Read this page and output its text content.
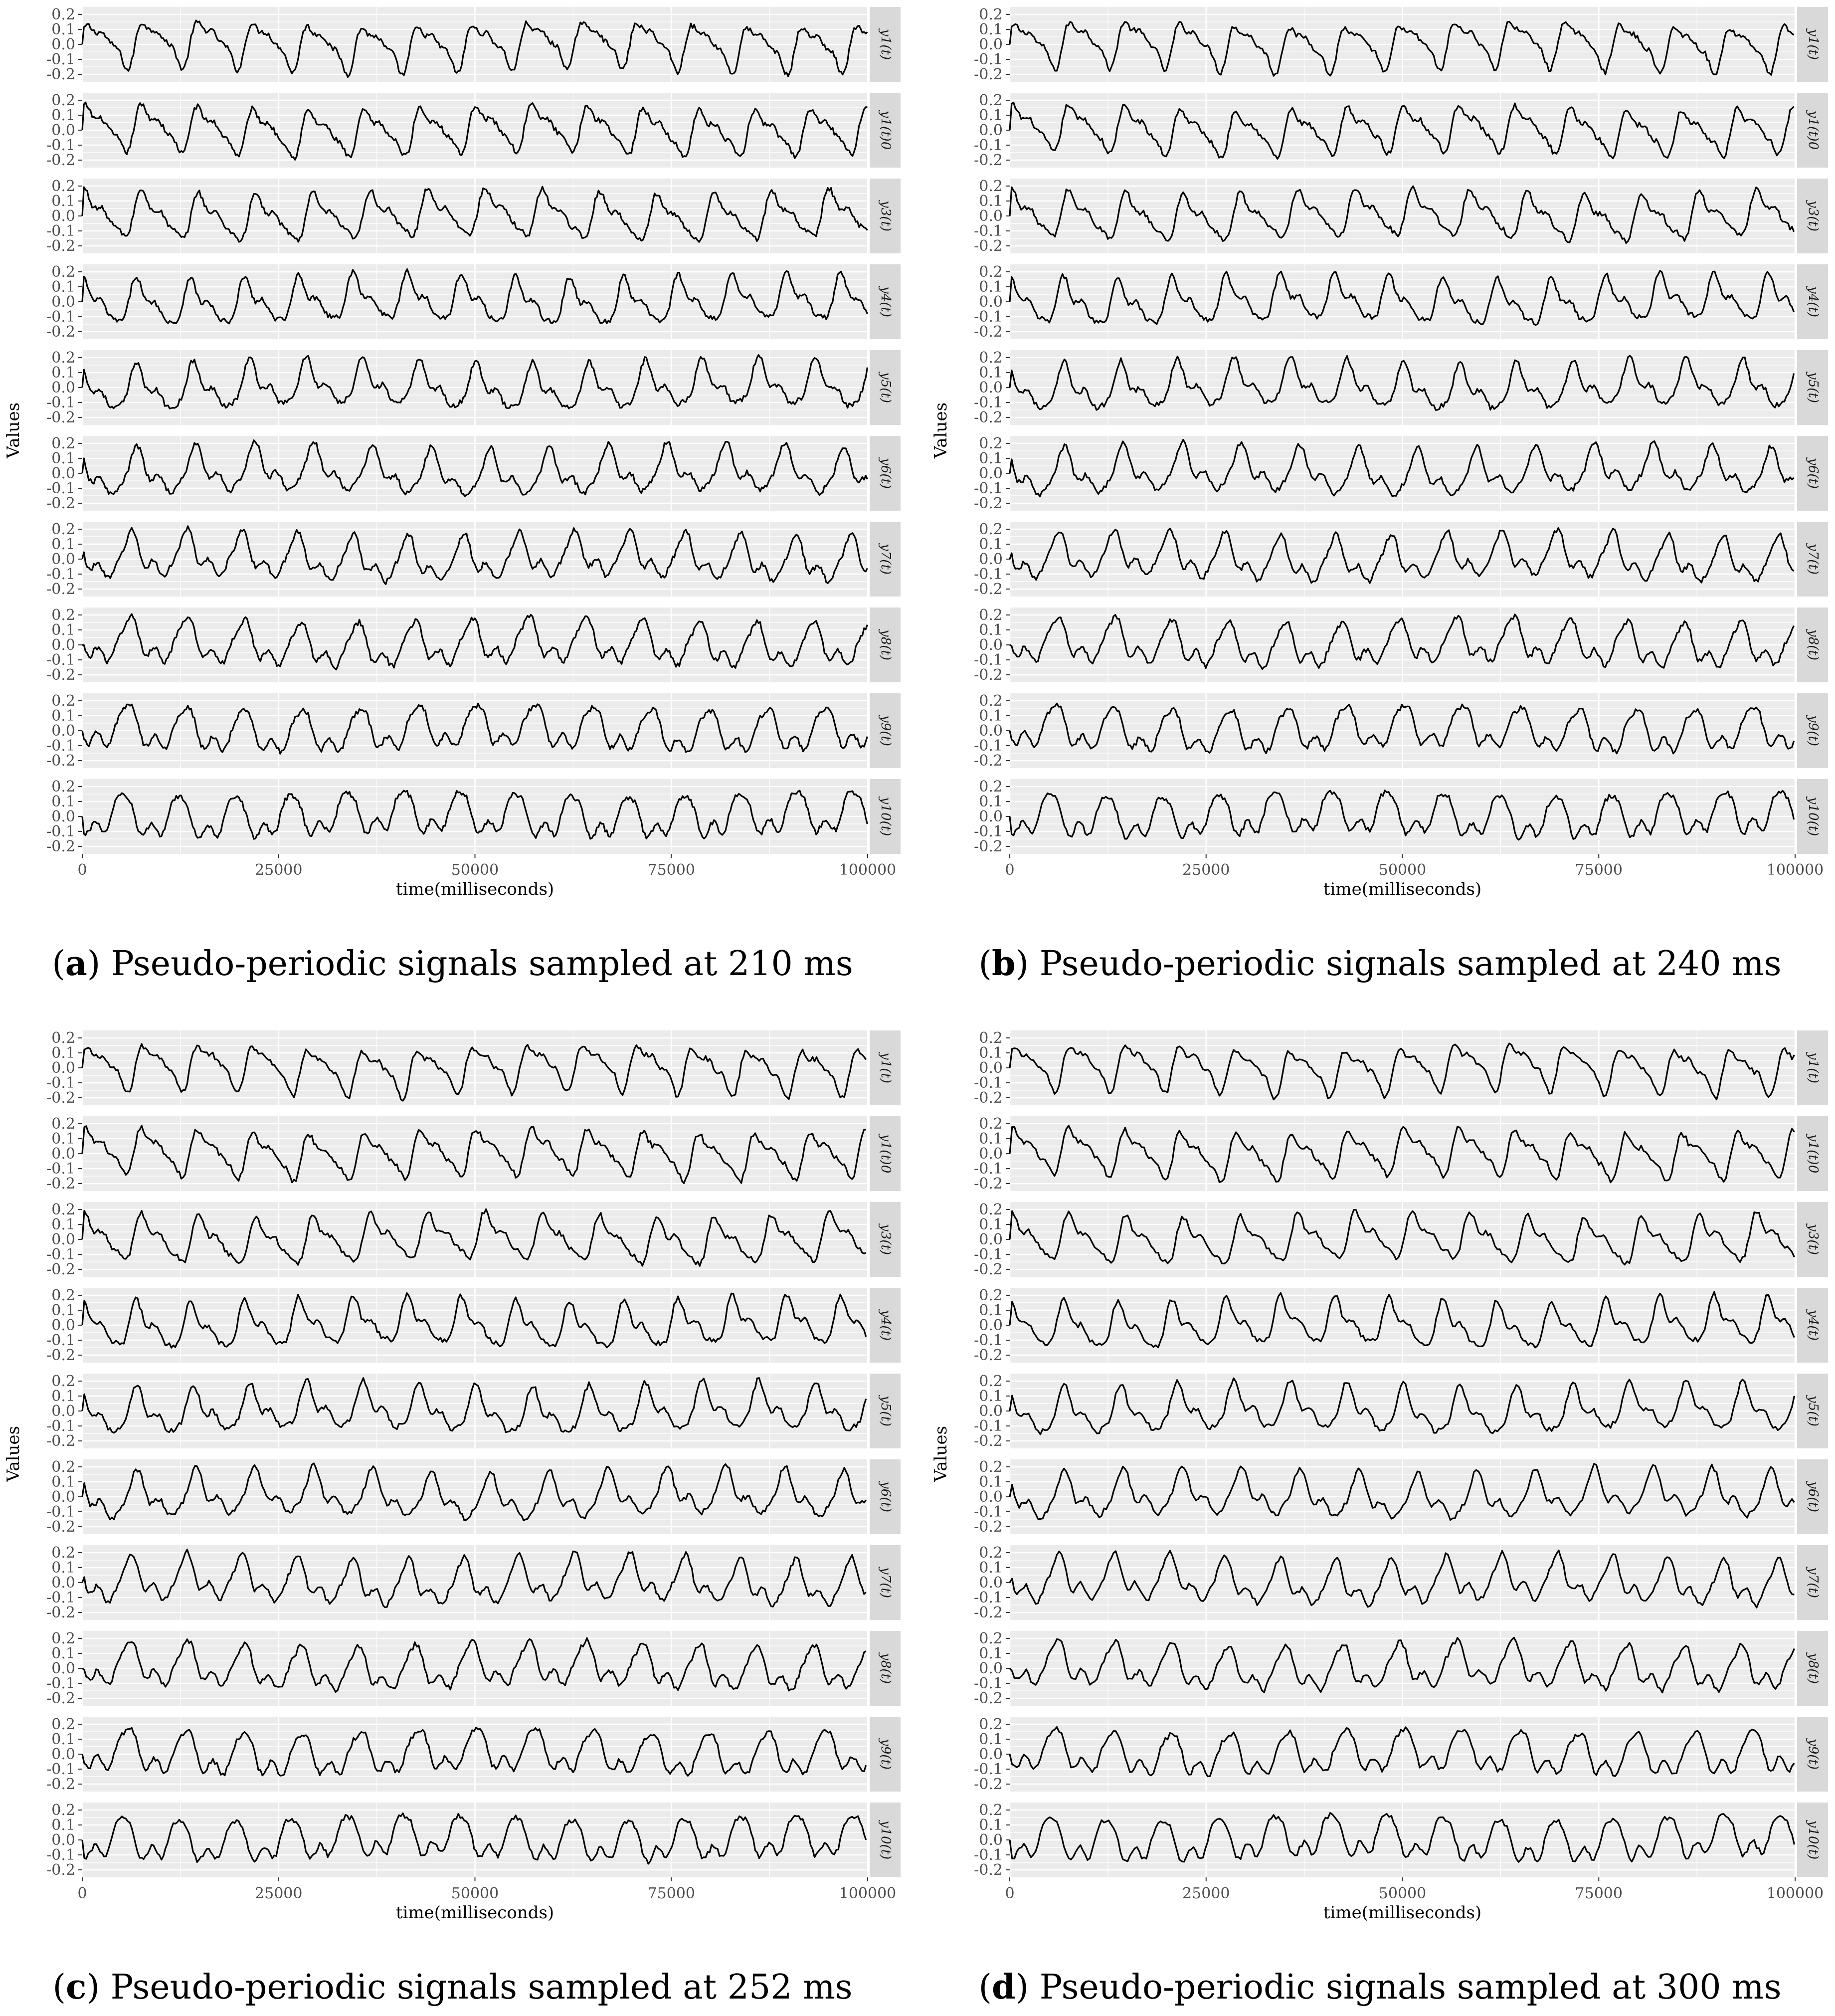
0.2
0.1
0.0
-0.1
-0.2
y1(t)
0.2
0.1
0.0
-0.1
-0.2
y1(t)0
0.2
0.1
0.0
-0.1
-0.2
y3(t)
0.2
0.1
0.0
-0.1
-0.2
y4(t)
0.2
0.1
0.0
-0.1
-0.2
y5(t)
0.2
0.1
0.0
-0.1
-0.2
y6(t)
0.2
0.1
0.0
-0.1
-0.2
y7(t)
0.2
0.1
0.0
-0.1
-0.2
y8(t)
0.2
0.1
0.0
-0.1
-0.2
y9(t)
0.2
0.1
0.0
-0.1
-0.2
y10(t)
0	25000	50000	75000	100000
time(milliseconds)
Values
(a) Pseudo-periodic signals sampled at 210 ms
0.2
0.1
0.0
-0.1
-0.2
y1(t)
0.2
0.1
0.0
-0.1
-0.2
y1(t)0
0.2
0.1
0.0
-0.1
-0.2
y3(t)
0.2
0.1
0.0
-0.1
-0.2
y4(t)
0.2
0.1
0.0
-0.1
-0.2
y5(t)
0.2
0.1
0.0
-0.1
-0.2
y6(t)
0.2
0.1
0.0
-0.1
-0.2
y7(t)
0.2
0.1
0.0
-0.1
-0.2
y8(t)
0.2
0.1
0.0
-0.1
-0.2
y9(t)
0.2
0.1
0.0
-0.1
-0.2
y10(t)
0	25000	50000	75000	100000
time(milliseconds)
Values
(b) Pseudo-periodic signals sampled at 240 ms
0.2
0.1
0.0
-0.1
-0.2
y1(t)
0.2
0.1
0.0
-0.1
-0.2
y1(t)0
0.2
0.1
0.0
-0.1
-0.2
y3(t)
0.2
0.1
0.0
-0.1
-0.2
y4(t)
0.2
0.1
0.0
-0.1
-0.2
y5(t)
0.2
0.1
0.0
-0.1
-0.2
y6(t)
0.2
0.1
0.0
-0.1
-0.2
y7(t)
0.2
0.1
0.0
-0.1
-0.2
y8(t)
0.2
0.1
0.0
-0.1
-0.2
y9(t)
0.2
0.1
0.0
-0.1
-0.2
y10(t)
0	25000	50000	75000	100000
time(milliseconds)
Values
(c) Pseudo-periodic signals sampled at 252 ms
0.2
0.1
0.0
-0.1
-0.2
y1(t)
0.2
0.1
0.0
-0.1
-0.2
y1(t)0
0.2
0.1
0.0
-0.1
-0.2
y3(t)
0.2
0.1
0.0
-0.1
-0.2
y4(t)
0.2
0.1
0.0
-0.1
-0.2
y5(t)
0.2
0.1
0.0
-0.1
-0.2
y6(t)
0.2
0.1
0.0
-0.1
-0.2
y7(t)
0.2
0.1
0.0
-0.1
-0.2
y8(t)
0.2
0.1
0.0
-0.1
-0.2
y9(t)
0.2
0.1
0.0
-0.1
-0.2
y10(t)
0	25000	50000	75000	100000
time(milliseconds)
Values
(d) Pseudo-periodic signals sampled at 300 ms
